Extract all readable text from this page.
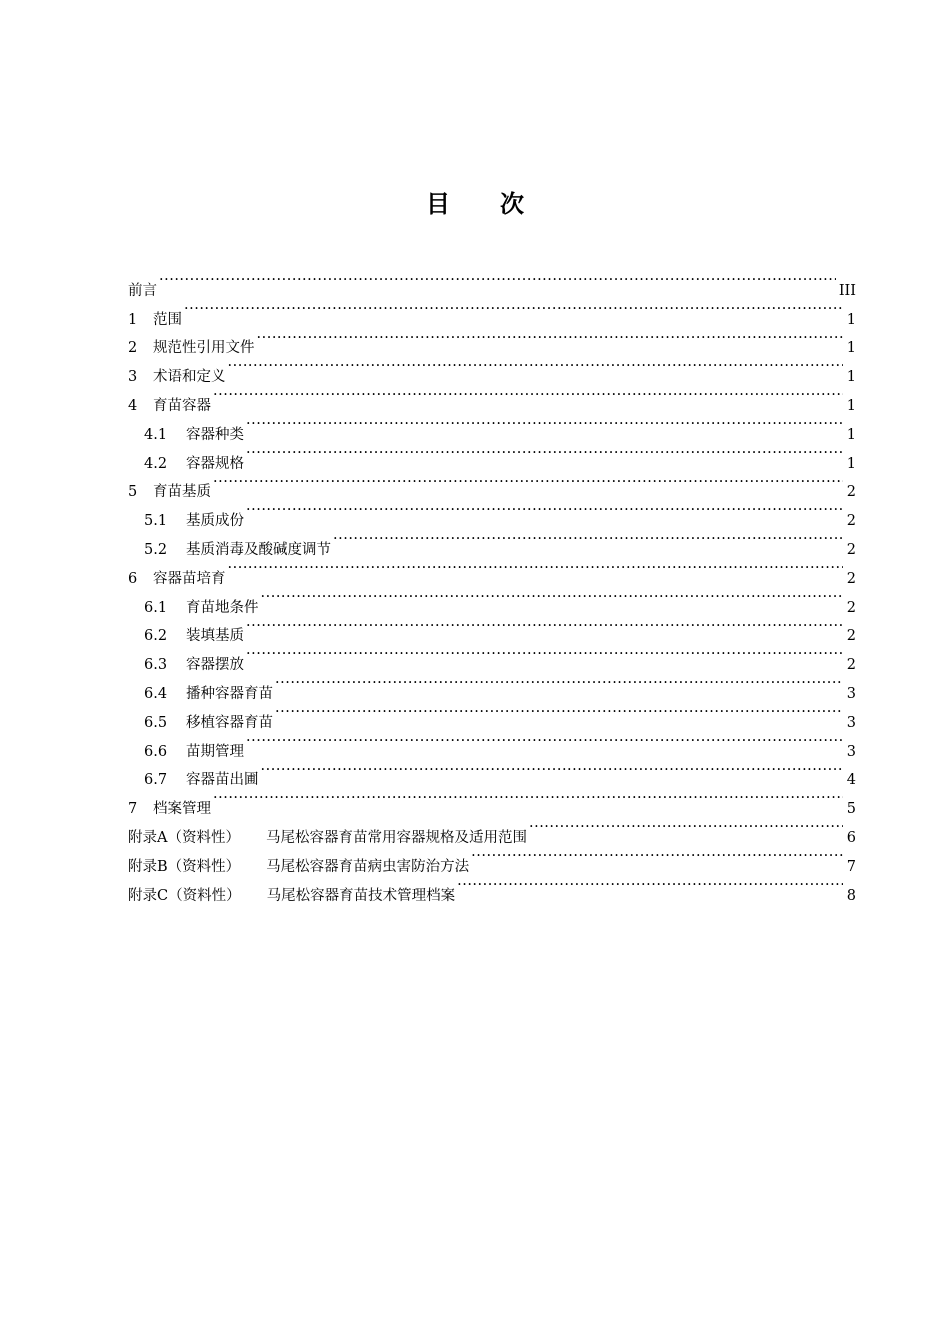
目 次
前言 ·····	III
1	范围 ·····	1
2	规范性引用文件 ·····	1
3	术语和定义 ·····	1
4	育苗容器 ·····	1
4.1	容器种类 ·····	1
4.2	容器规格 ·····	1
5	育苗基质 ·····	2
5.1	基质成份 ·····	2
5.2	基质消毒及酸碱度调节 ·····	2
6	容器苗培育 ·····	2
6.1	育苗地条件 ·····	2
6.2	装填基质 ·····	2
6.3	容器摆放 ·····	2
6.4	播种容器育苗 ·····	3
6.5	移植容器育苗 ·····	3
6.6	苗期管理 ·····	3
6.7	容器苗出圃 ·····	4
7	档案管理 ·····	5
附录A（资料性） 马尾松容器育苗常用容器规格及适用范围 ·····	6
附录B（资料性） 马尾松容器育苗病虫害防治方法 ·····	7
附录C（资料性） 马尾松容器育苗技术管理档案 ·····	8
